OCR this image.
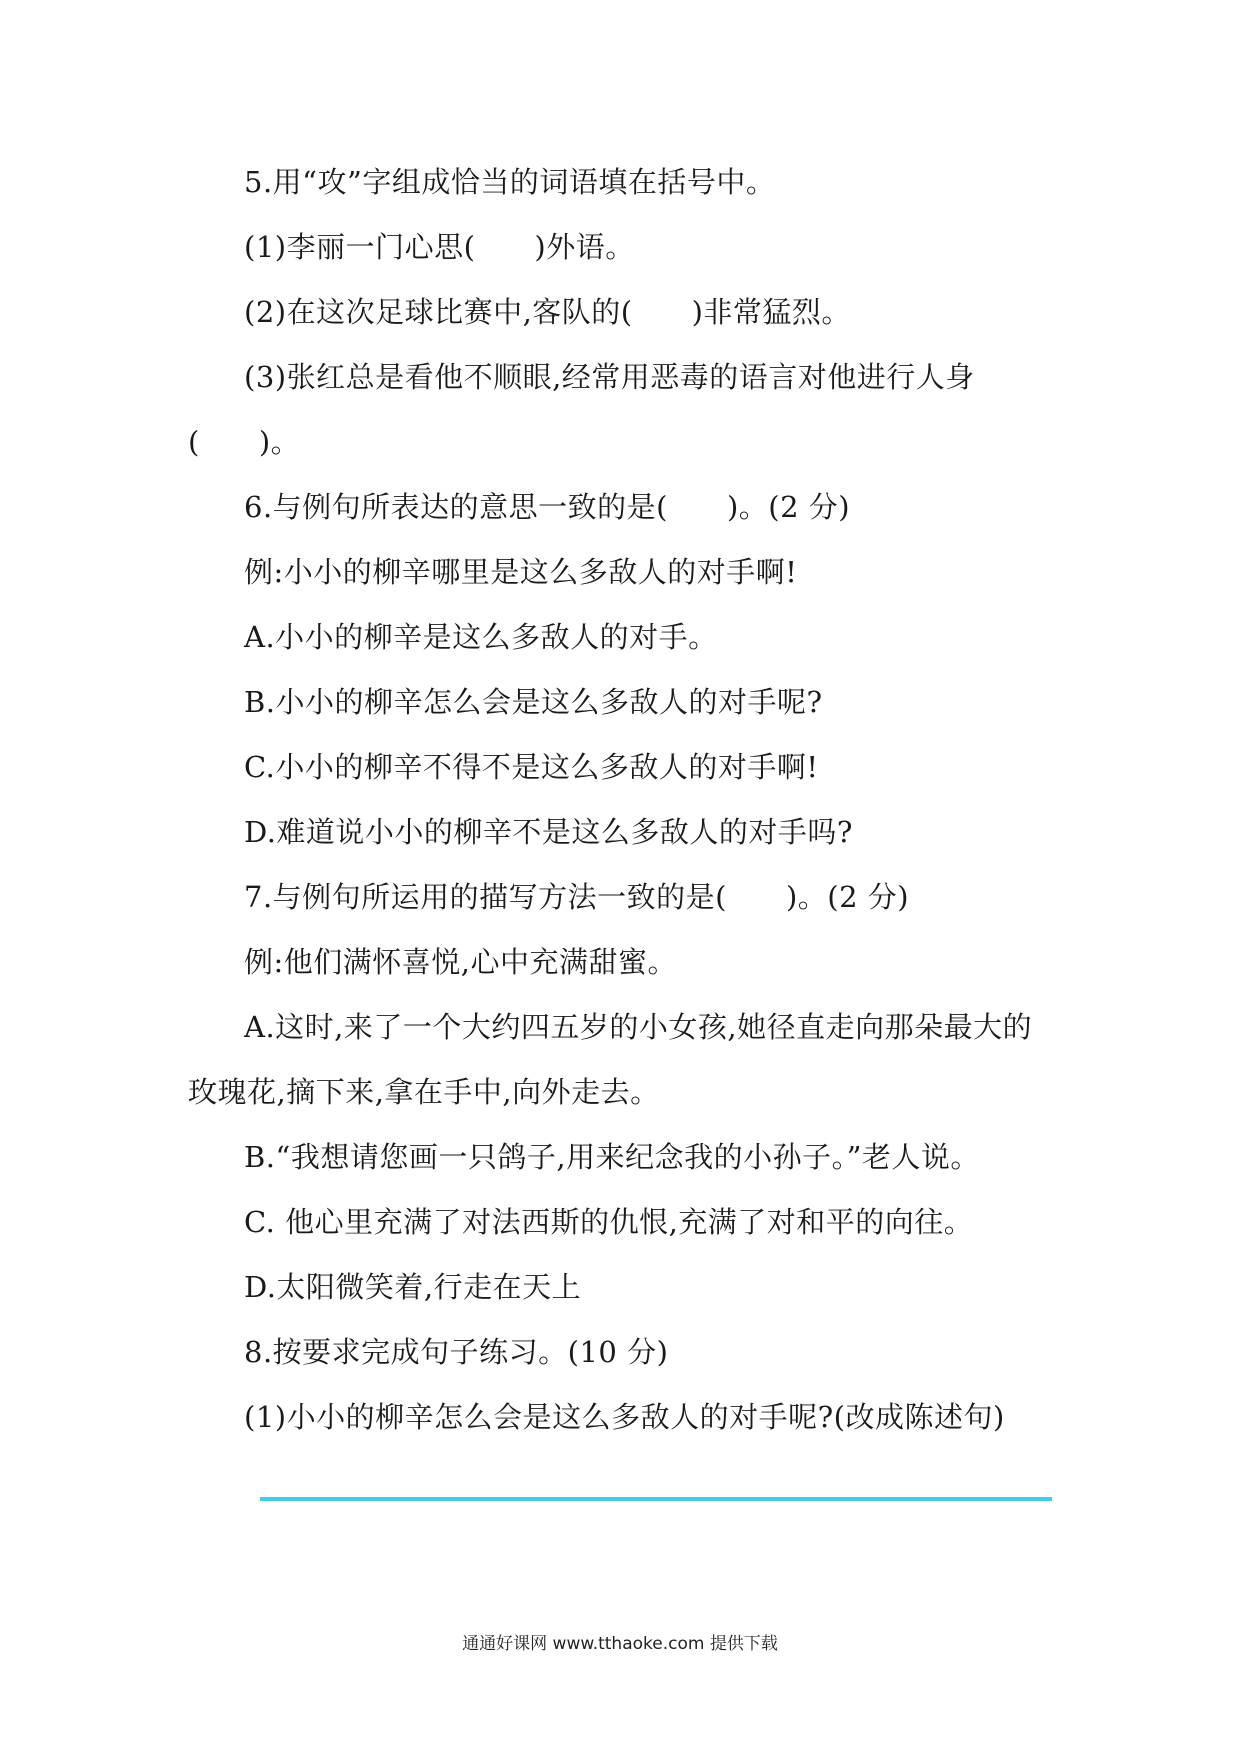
5.用“攻”字组成恰当的词语填在括号中。
(1)李丽一门心思(　　)外语。
(2)在这次足球比赛中,客队的(　　)非常猛烈。
(3)张红总是看他不顺眼,经常用恶毒的语言对他进行人身
(　　)。
6.与例句所表达的意思一致的是(　　)。(2 分)
例:小小的柳辛哪里是这么多敌人的对手啊!
A.小小的柳辛是这么多敌人的对手。
B.小小的柳辛怎么会是这么多敌人的对手呢?
C.小小的柳辛不得不是这么多敌人的对手啊!
D.难道说小小的柳辛不是这么多敌人的对手吗?
7.与例句所运用的描写方法一致的是(　　)。(2 分)
例:他们满怀喜悦,心中充满甜蜜。
A.这时,来了一个大约四五岁的小女孩,她径直走向那朵最大的
玫瑰花,摘下来,拿在手中,向外走去。
B.“我想请您画一只鸽子,用来纪念我的小孙子。”老人说。
C. 他心里充满了对法西斯的仇恨,充满了对和平的向往。
D.太阳微笑着,行走在天上
8.按要求完成句子练习。(10 分)
(1)小小的柳辛怎么会是这么多敌人的对手呢?(改成陈述句)
通通好课网 www.tthaoke.com 提供下载
